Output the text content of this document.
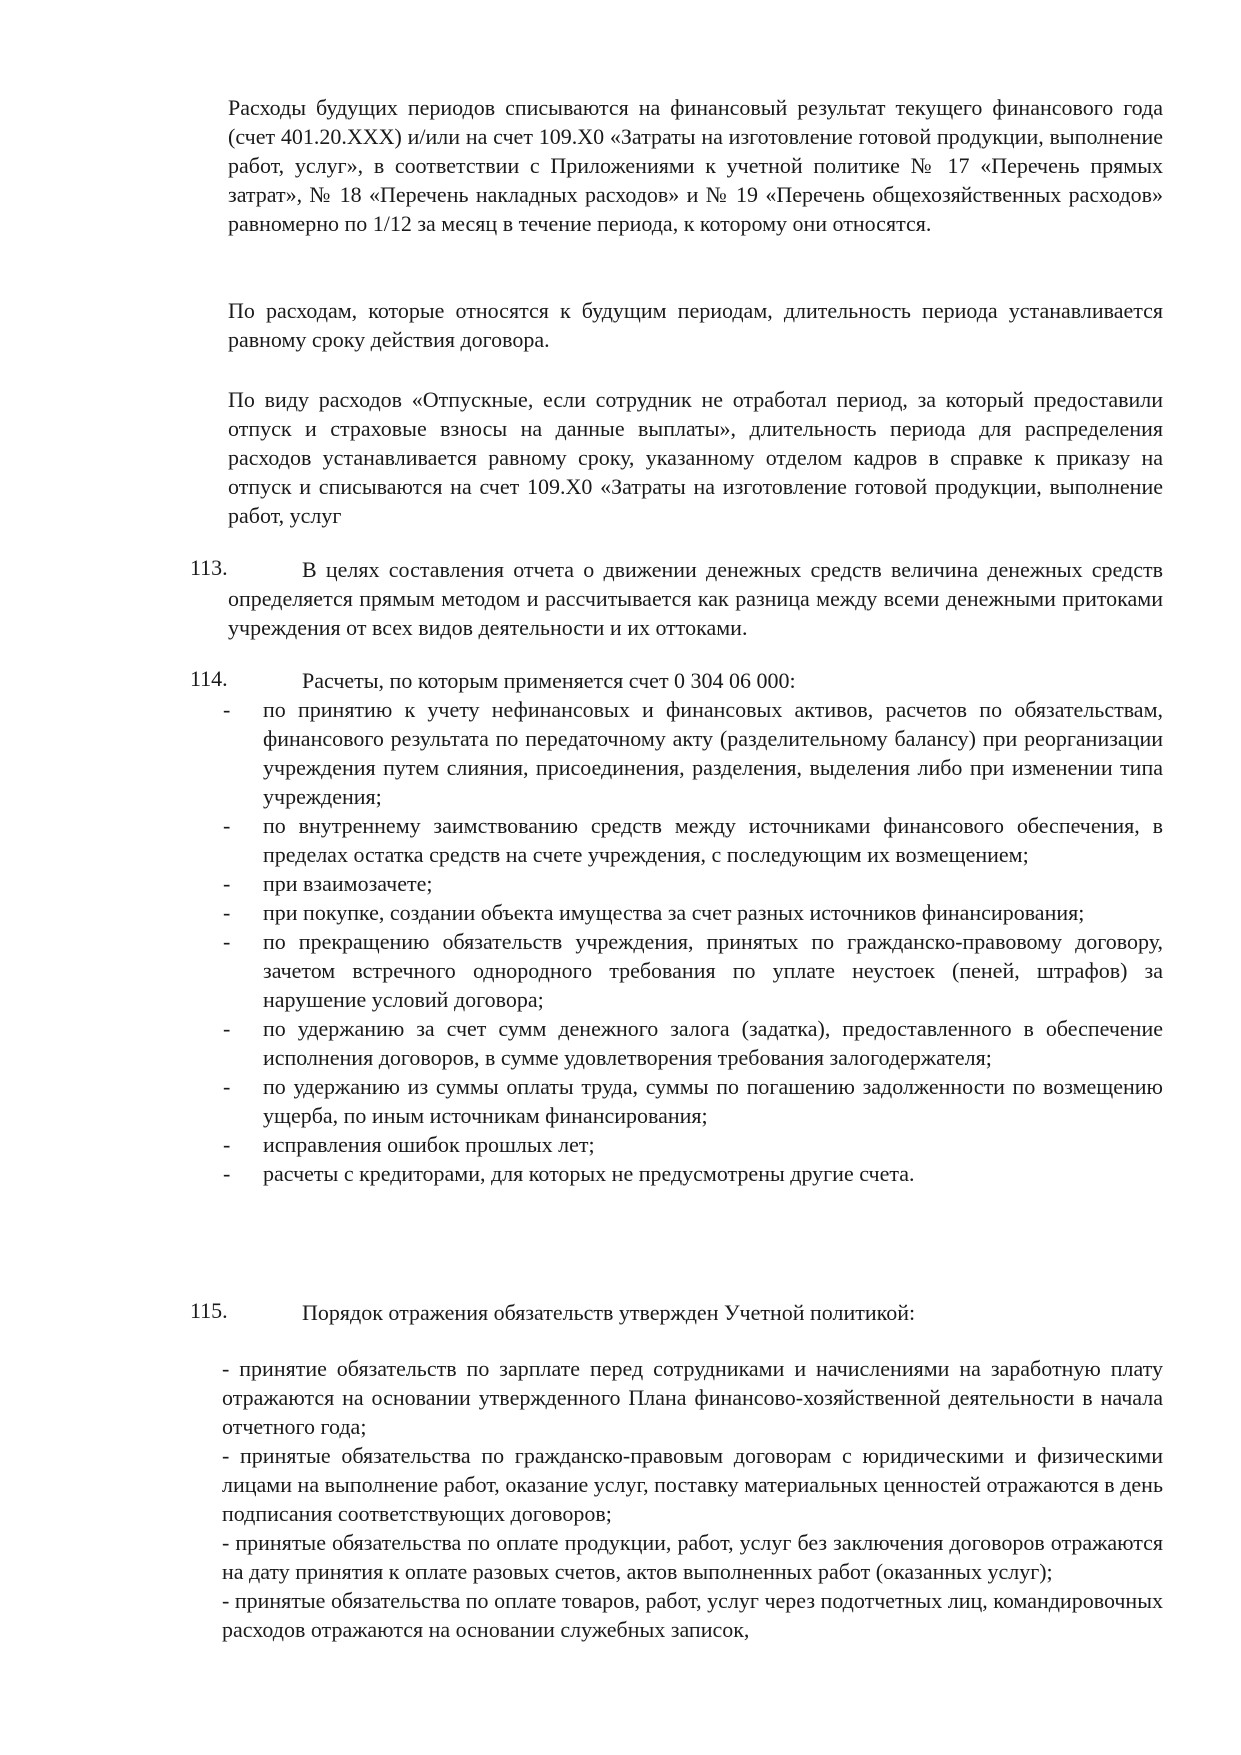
Расходы будущих периодов списываются на финансовый результат текущего финансового года (счет 401.20.XXX) и/или на счет 109.Х0 «Затраты на изготовление готовой продукции, выполнение работ, услуг», в соответствии с Приложениями к учетной политике № 17 «Перечень прямых затрат», № 18 «Перечень накладных расходов» и № 19 «Перечень общехозяйственных расходов» равномерно по 1/12 за месяц в течение периода, к которому они относятся.
По расходам, которые относятся к будущим периодам, длительность периода устанавливается равному сроку действия договора.
По виду расходов «Отпускные, если сотрудник не отработал период, за который предоставили отпуск и страховые взносы на данные выплаты», длительность периода для распределения расходов устанавливается равному сроку, указанному отделом кадров в справке к приказу на отпуск и списываются на счет 109.Х0 «Затраты на изготовление готовой продукции, выполнение работ, услуг
113.	В целях составления отчета о движении денежных средств величина денежных средств определяется прямым методом и рассчитывается как разница между всеми денежными притоками учреждения от всех видов деятельности и их оттоками.
114.	Расчеты, по которым применяется счет 0 304 06 000:
- по принятию к учету нефинансовых и финансовых активов, расчетов по обязательствам, финансового результата по передаточному акту (разделительному балансу) при реорганизации учреждения путем слияния, присоединения, разделения, выделения либо при изменении типа учреждения;
- по внутреннему заимствованию средств между источниками финансового обеспечения, в пределах остатка средств на счете учреждения, с последующим их возмещением;
- при взаимозачете;
- при покупке, создании объекта имущества за счет разных источников финансирования;
- по прекращению обязательств учреждения, принятых по гражданско-правовому договору, зачетом встречного однородного требования по уплате неустоек (пеней, штрафов) за нарушение условий договора;
- по удержанию за счет сумм денежного залога (задатка), предоставленного в обеспечение исполнения договоров, в сумме удовлетворения требования залогодержателя;
- по удержанию из суммы оплаты труда, суммы по погашению задолженности по возмещению ущерба, по иным источникам финансирования;
- исправления ошибок прошлых лет;
- расчеты с кредиторами, для которых не предусмотрены другие счета.
115.	Порядок отражения обязательств утвержден Учетной политикой:

- принятие обязательств по зарплате перед сотрудниками и начислениями на заработную плату отражаются на основании утвержденного Плана финансово-хозяйственной деятельности в начала отчетного года;

- принятые обязательства по гражданско-правовым договорам с юридическими и физическими лицами на выполнение работ, оказание услуг, поставку материальных ценностей отражаются в день подписания соответствующих договоров;

- принятые обязательства по оплате продукции, работ, услуг без заключения договоров отражаются на дату принятия к оплате разовых счетов, актов выполненных работ (оказанных услуг);

- принятые обязательства по оплате товаров, работ, услуг через подотчетных лиц, командировочных расходов отражаются на основании служебных записок,
